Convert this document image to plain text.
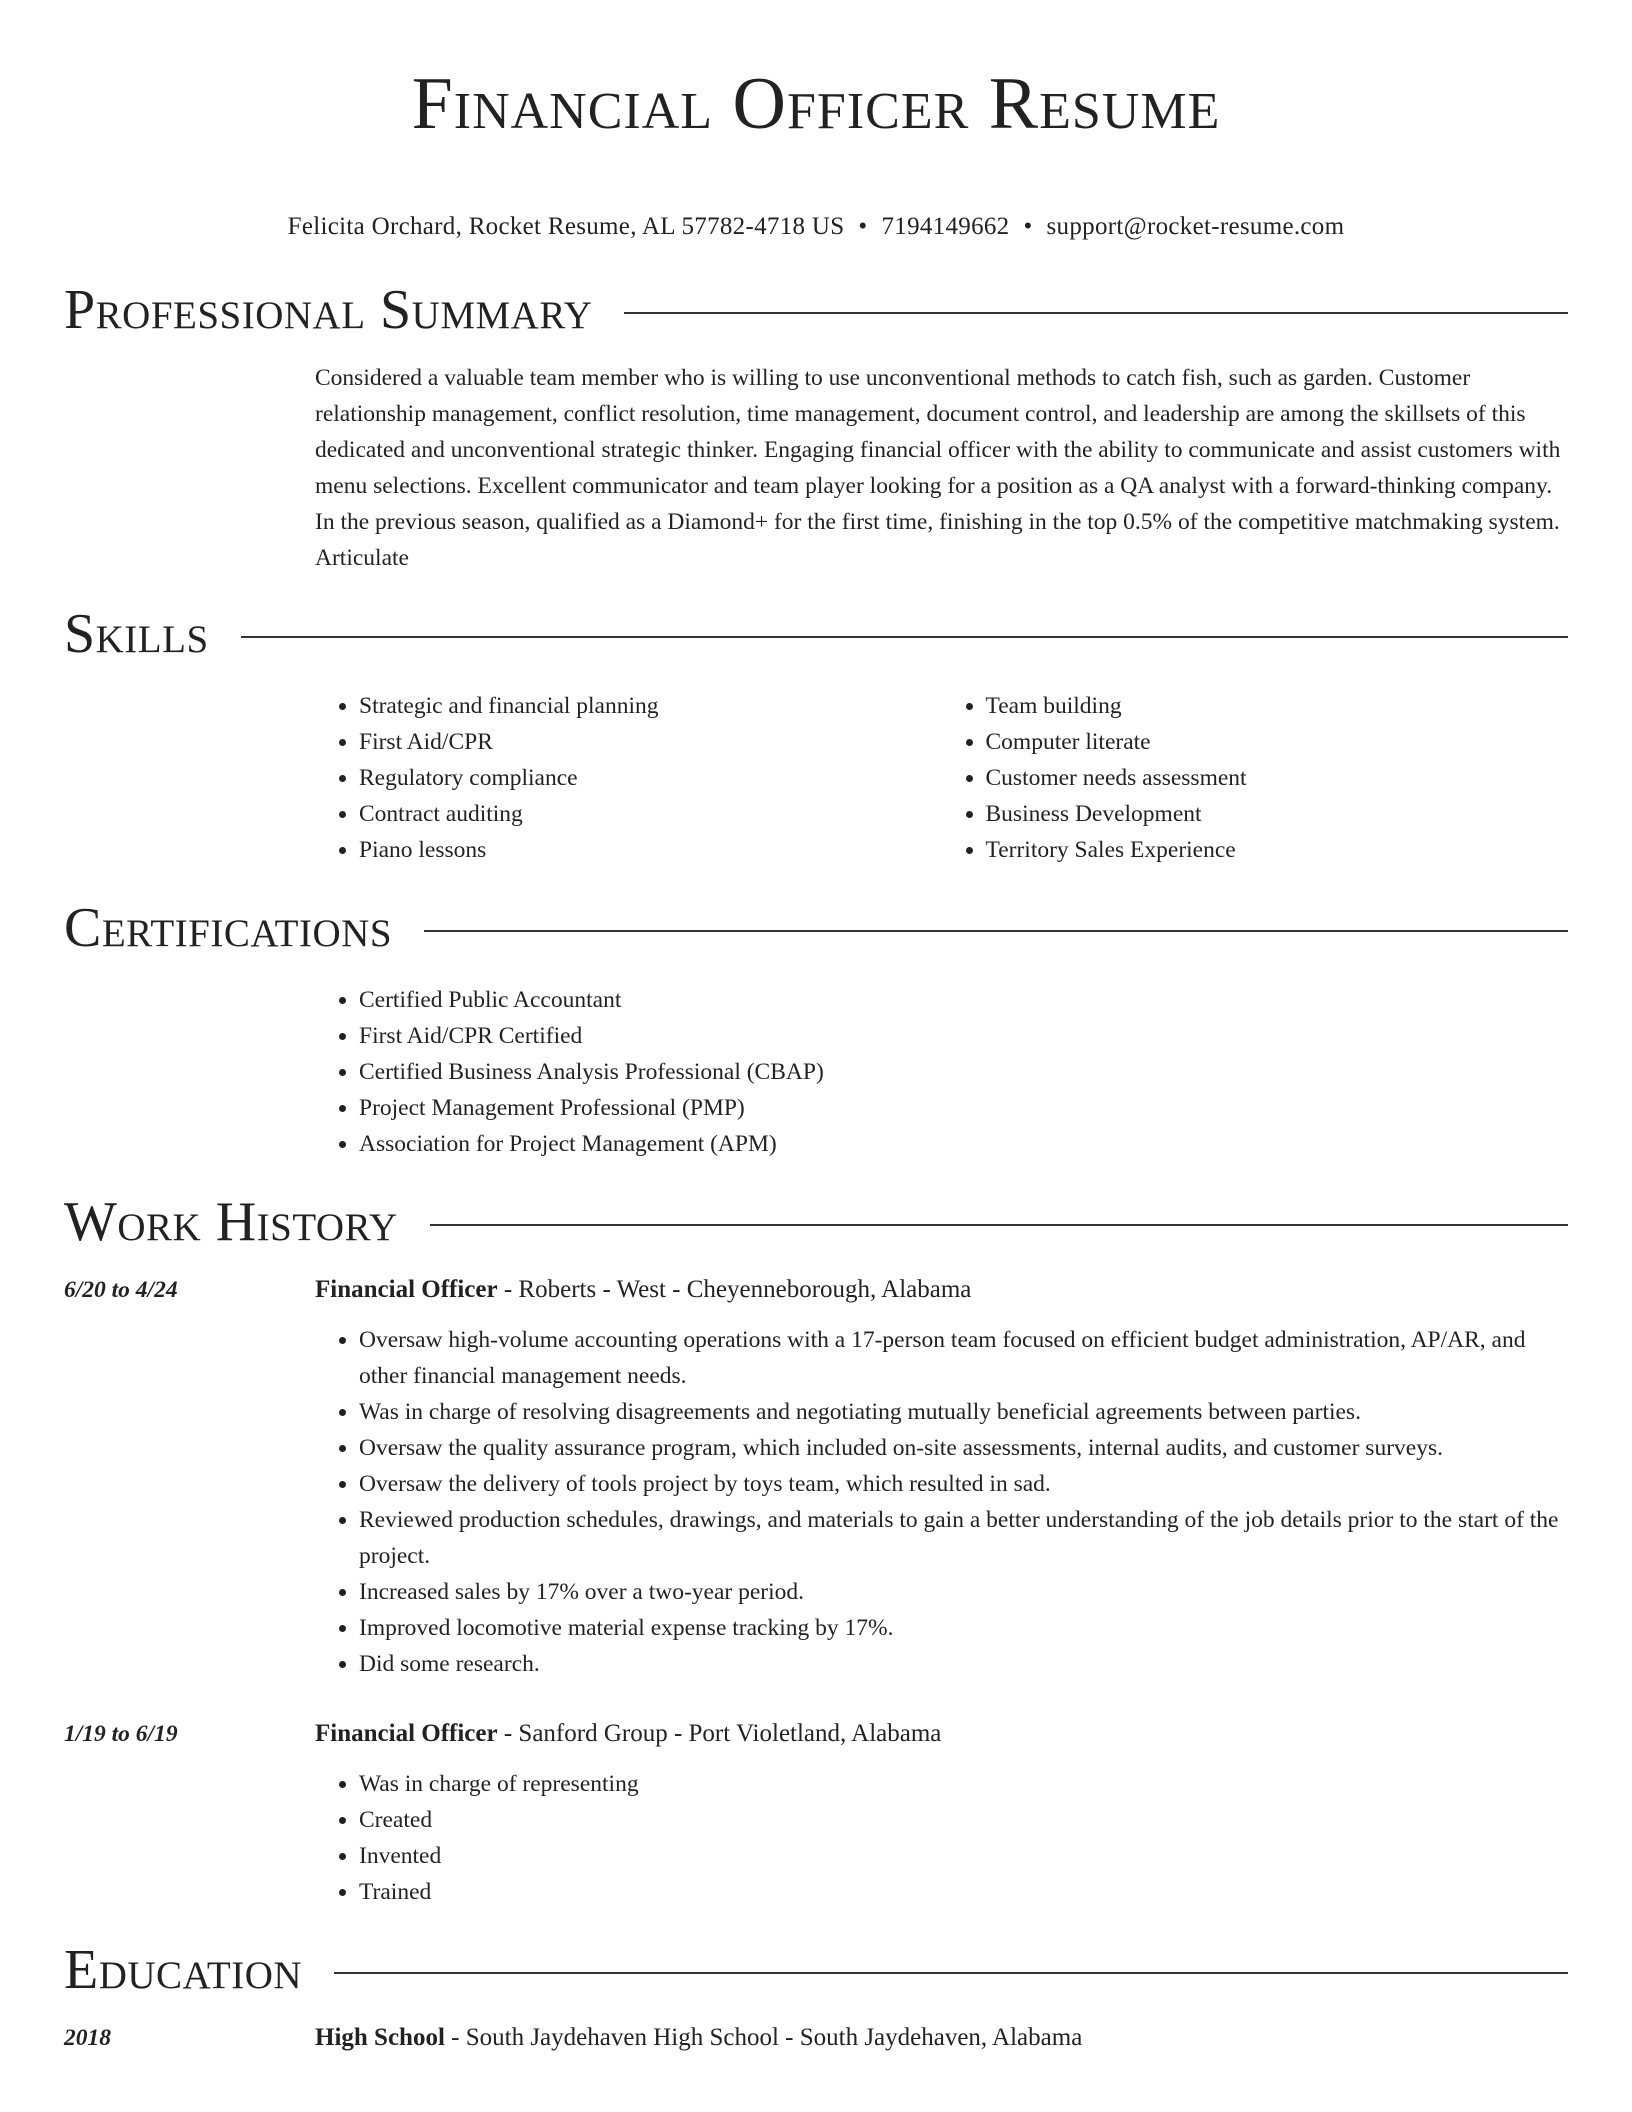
Financial Officer Resume
Felicita Orchard, Rocket Resume, AL 57782-4718 US • 7194149662 • support@rocket-resume.com
Professional Summary

Considered a valuable team member who is willing to use unconventional methods to catch fish, such as garden. Customer relationship management, conflict resolution, time management, document control, and leadership are among the skillsets of this dedicated and unconventional strategic thinker. Engaging financial officer with the ability to communicate and assist customers with menu selections. Excellent communicator and team player looking for a position as a QA analyst with a forward-thinking company. In the previous season, qualified as a Diamond+ for the first time, finishing in the top 0.5% of the competitive matchmaking system. Articulate

Skills
• Strategic and financial planning
• First Aid/CPR
• Regulatory compliance
• Contract auditing
• Piano lessons
• Team building
• Computer literate
• Customer needs assessment
• Business Development
• Territory Sales Experience
Certifications
• Certified Public Accountant
• First Aid/CPR Certified
• Certified Business Analysis Professional (CBAP)
• Project Management Professional (PMP)
• Association for Project Management (APM)
Work History
6/20 to 4/24	Financial Officer - Roberts - West - Cheyenneborough, Alabama
• Oversaw high-volume accounting operations with a 17-person team focused on efficient budget administration, AP/AR, and other financial management needs.
• Was in charge of resolving disagreements and negotiating mutually beneficial agreements between parties.
• Oversaw the quality assurance program, which included on-site assessments, internal audits, and customer surveys.
• Oversaw the delivery of tools project by toys team, which resulted in sad.
• Reviewed production schedules, drawings, and materials to gain a better understanding of the job details prior to the start of the project.
• Increased sales by 17% over a two-year period.
• Improved locomotive material expense tracking by 17%.
• Did some research.
1/19 to 6/19	Financial Officer - Sanford Group - Port Violetland, Alabama
• Was in charge of representing
• Created
• Invented
• Trained
Education
2018	High School - South Jaydehaven High School - South Jaydehaven, Alabama
